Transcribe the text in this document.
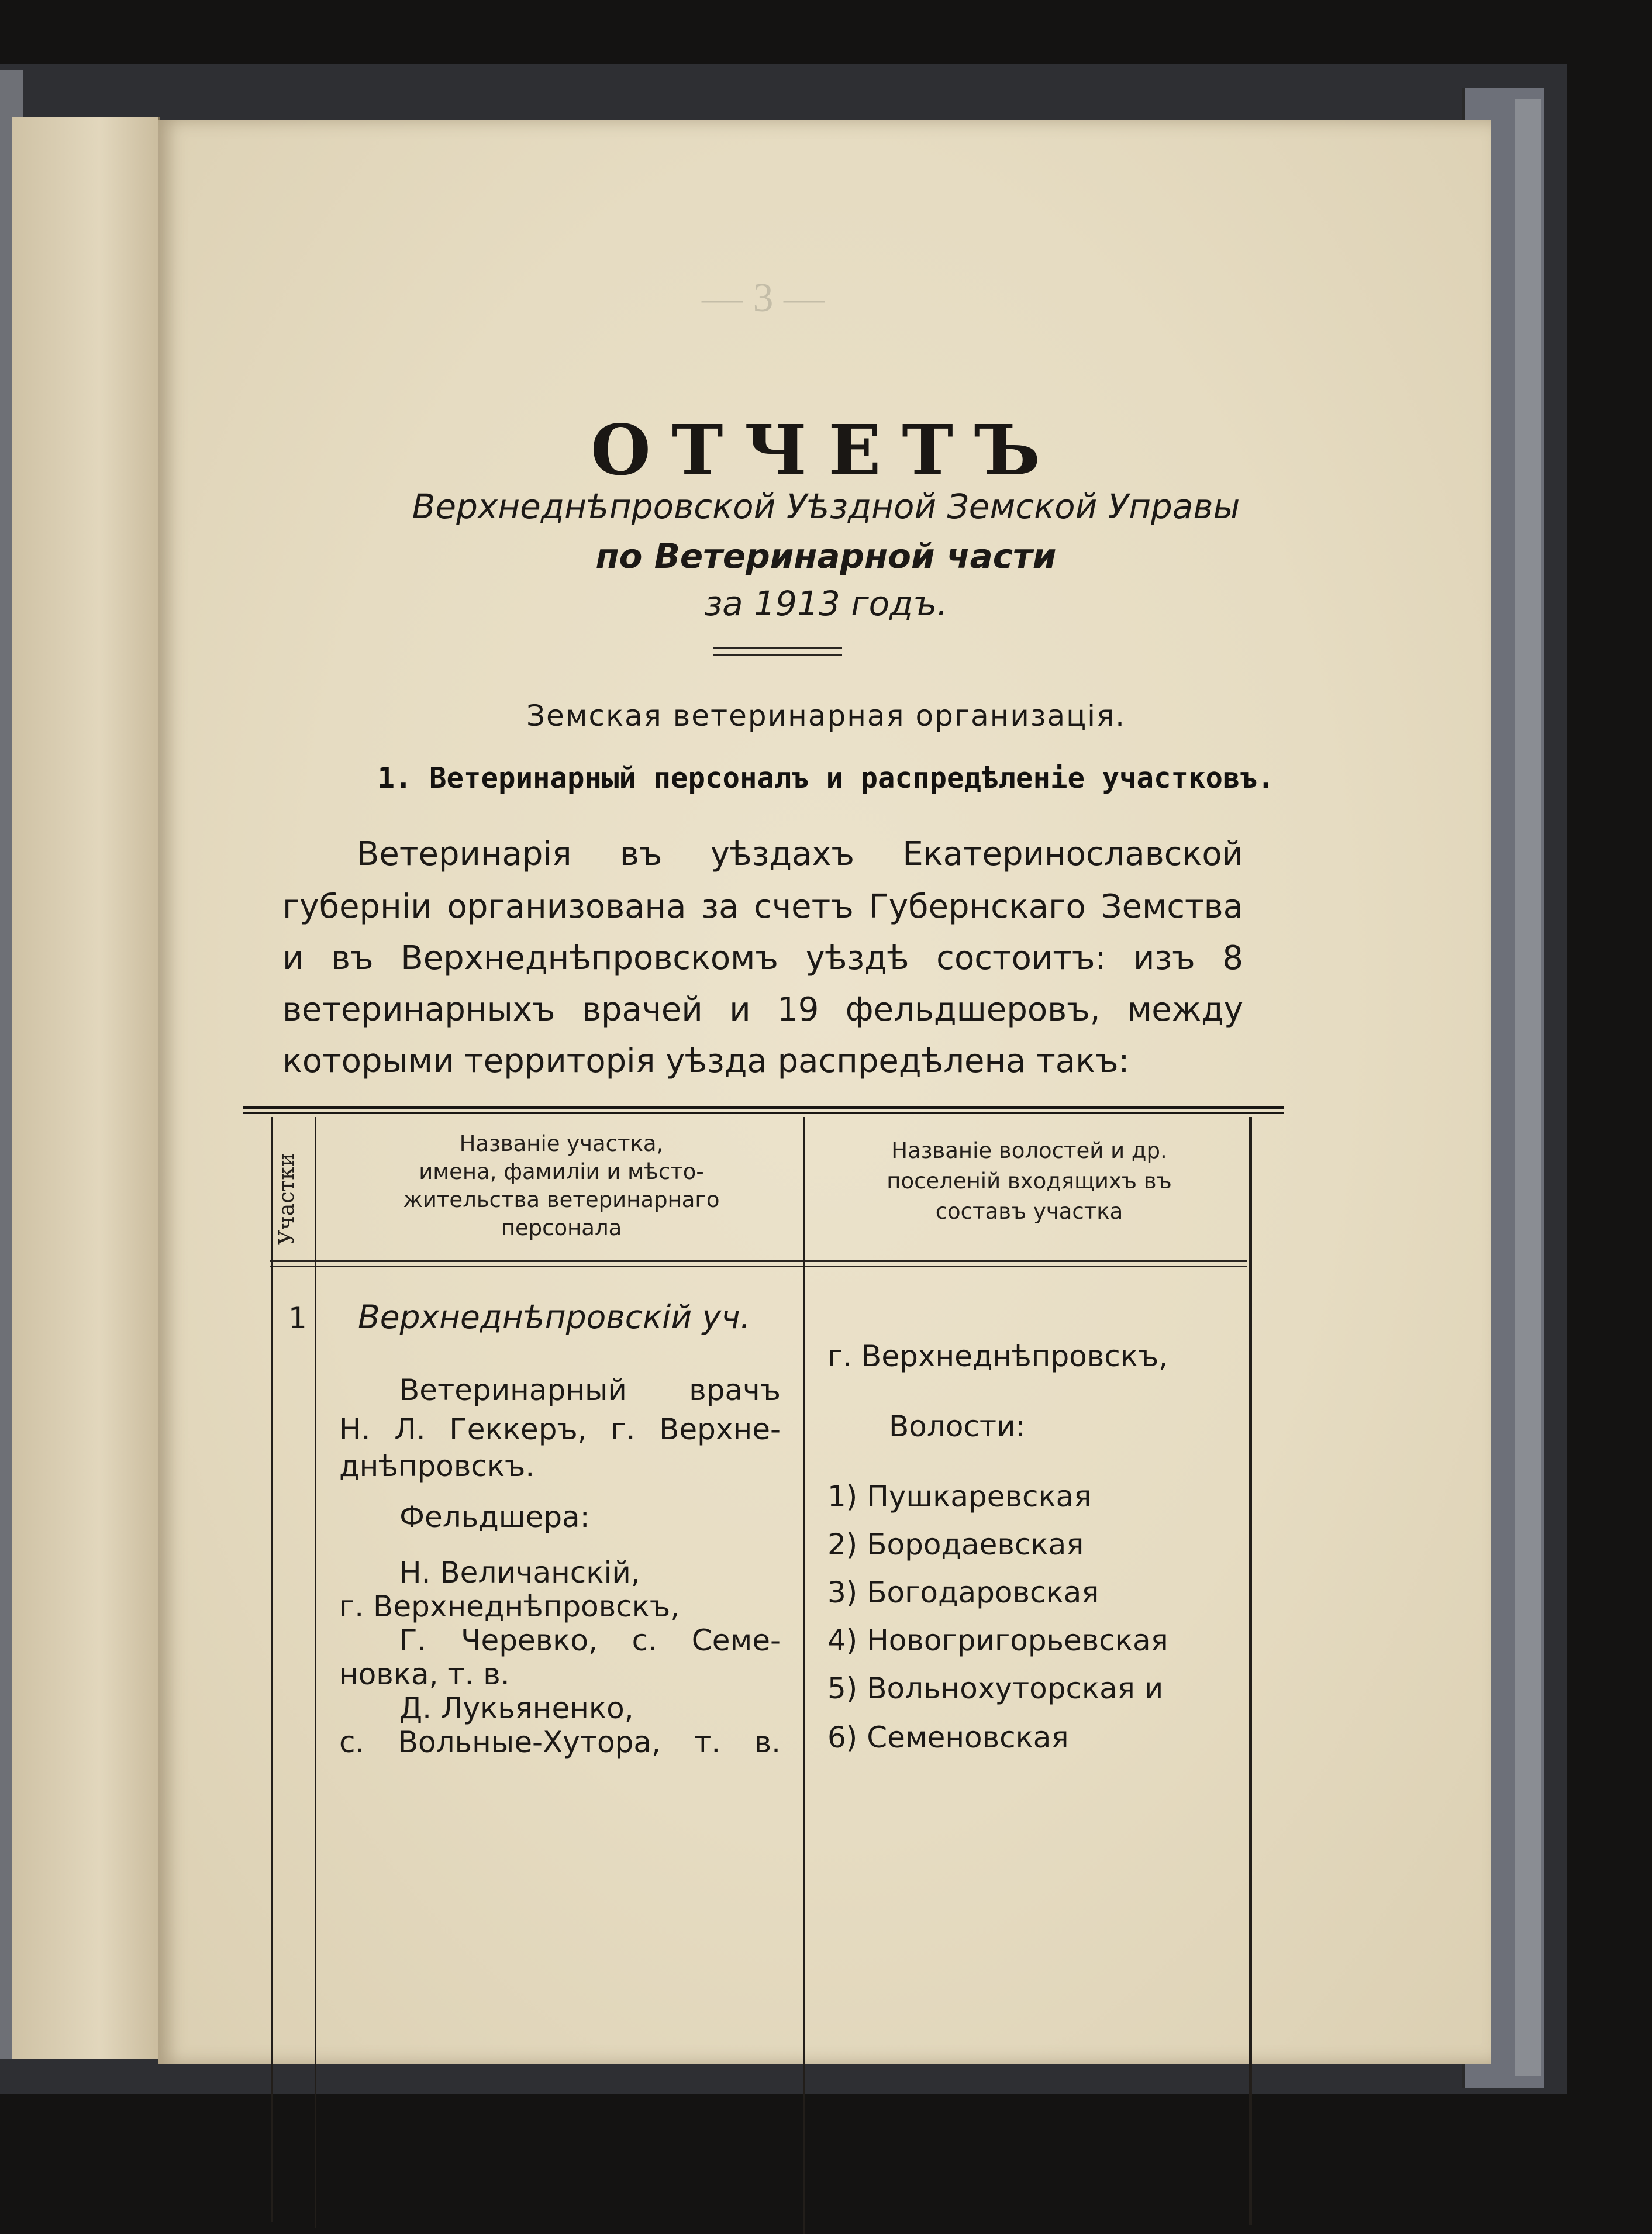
— 3 —
ОТЧЕТЪ
Верхнеднѣпровской Уѣздной Земской Управы
по Ветеринарной части
за 1913 годъ.
Земская ветеринарная организація.
1. Ветеринарный персоналъ и распредѣленіе участковъ.
Ветеринарія въ уѣздахъ Екатеринославской
губерніи организована за счетъ Губернскаго Земства
и въ Верхнеднѣпровскомъ уѣздѣ состоитъ: изъ 8
ветеринарныхъ врачей и 19 фельдшеровъ, между
которыми территорія уѣзда распредѣлена такъ:
Участки
Названіе участка,
имена, фамиліи и мѣсто-
жительства ветеринарнаго
персонала
Названіе волостей и др.
поселеній входящихъ въ
составъ участка
1 Верхнеднѣпровскій уч.
Ветеринарный врачъ
Н. Л. Геккеръ, г. Верхне-
днѣпровскъ.
Фельдшера:
Н. Величанскій,
г. Верхнеднѣпровскъ,
Г. Черевко, с. Семе-
новка, т. в.
Д. Лукьяненко,
с. Вольные-Хутора, т. в.
г. Верхнеднѣпровскъ,
Волости:
1) Пушкаревская
2) Бородаевская
3) Богодаровская
4) Новогригорьевская
5) Вольнохуторская и
6) Семеновская
